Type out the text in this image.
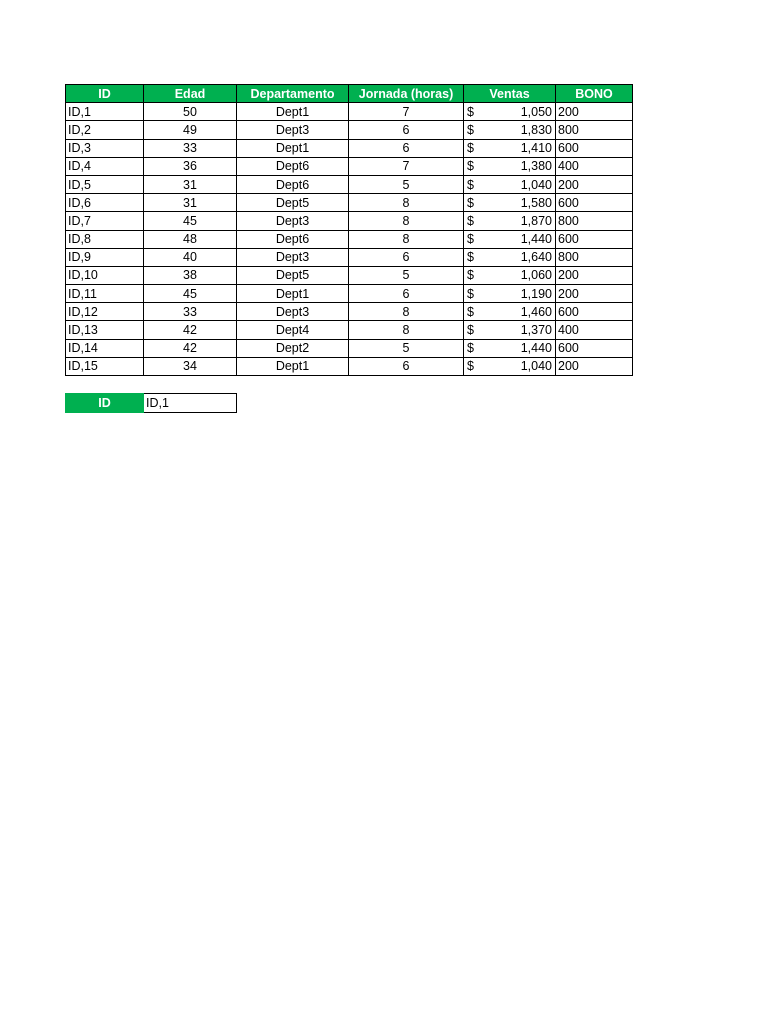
ID	Edad	Departamento	Jornada (horas)	Ventas	BONO
ID,1	50	Dept1	7	$ 1,050	200
ID,2	49	Dept3	6	$ 1,830	800
ID,3	33	Dept1	6	$ 1,410	600
ID,4	36	Dept6	7	$ 1,380	400
ID,5	31	Dept6	5	$ 1,040	200
ID,6	31	Dept5	8	$ 1,580	600
ID,7	45	Dept3	8	$ 1,870	800
ID,8	48	Dept6	8	$ 1,440	600
ID,9	40	Dept3	6	$ 1,640	800
ID,10	38	Dept5	5	$ 1,060	200
ID,11	45	Dept1	6	$ 1,190	200
ID,12	33	Dept3	8	$ 1,460	600
ID,13	42	Dept4	8	$ 1,370	400
ID,14	42	Dept2	5	$ 1,440	600
ID,15	34	Dept1	6	$ 1,040	200
ID	ID,1
